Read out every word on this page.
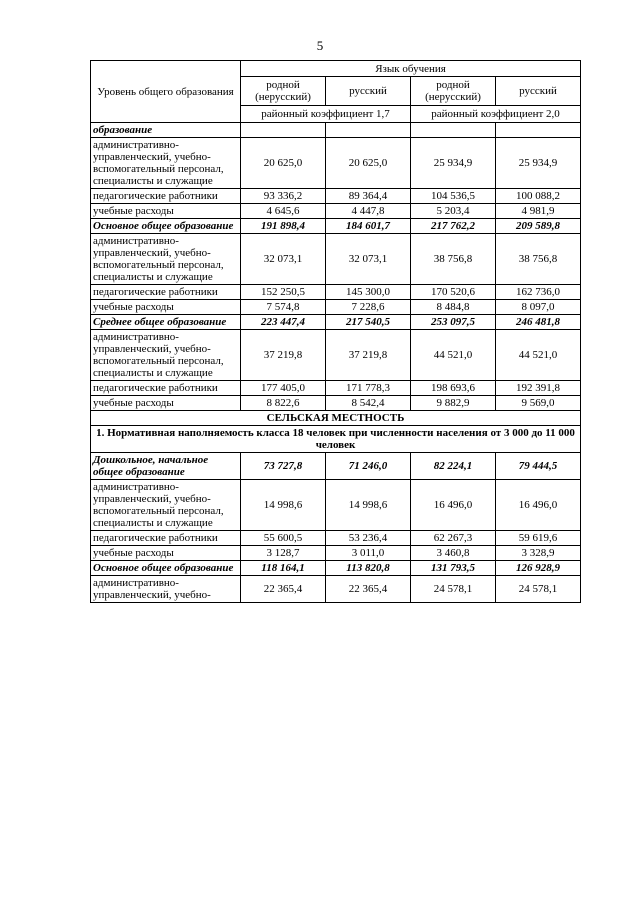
5
Уровень общего образования	Язык обучения			
	родной (нерусский)	русский	родной (нерусский)	русский
	районный коэффициент 1,7		районный коэффициент 2,0	
образование				
административно-управленческий, учебно-вспомогательный персонал, специалисты и служащие	20 625,0	20 625,0	25 934,9	25 934,9
педагогические работники	93 336,2	89 364,4	104 536,5	100 088,2
учебные расходы	4 645,6	4 447,8	5 203,4	4 981,9
Основное общее образование	191 898,4	184 601,7	217 762,2	209 589,8
административно-управленческий, учебно-вспомогательный персонал, специалисты и служащие	32 073,1	32 073,1	38 756,8	38 756,8
педагогические работники	152 250,5	145 300,0	170 520,6	162 736,0
учебные расходы	7 574,8	7 228,6	8 484,8	8 097,0
Среднее общее образование	223 447,4	217 540,5	253 097,5	246 481,8
административно-управленческий, учебно-вспомогательный персонал, специалисты и служащие	37 219,8	37 219,8	44 521,0	44 521,0
педагогические работники	177 405,0	171 778,3	198 693,6	192 391,8
учебные расходы	8 822,6	8 542,4	9 882,9	9 569,0
СЕЛЬСКАЯ МЕСТНОСТЬ				
1. Нормативная наполняемость класса 18 человек при численности населения от 3 000 до 11 000 человек				
Дошкольное, начальное общее образование	73 727,8	71 246,0	82 224,1	79 444,5
административно-управленческий, учебно-вспомогательный персонал, специалисты и служащие	14 998,6	14 998,6	16 496,0	16 496,0
педагогические работники	55 600,5	53 236,4	62 267,3	59 619,6
учебные расходы	3 128,7	3 011,0	3 460,8	3 328,9
Основное общее образование	118 164,1	113 820,8	131 793,5	126 928,9
административно-управленческий, учебно-	22 365,4	22 365,4	24 578,1	24 578,1
